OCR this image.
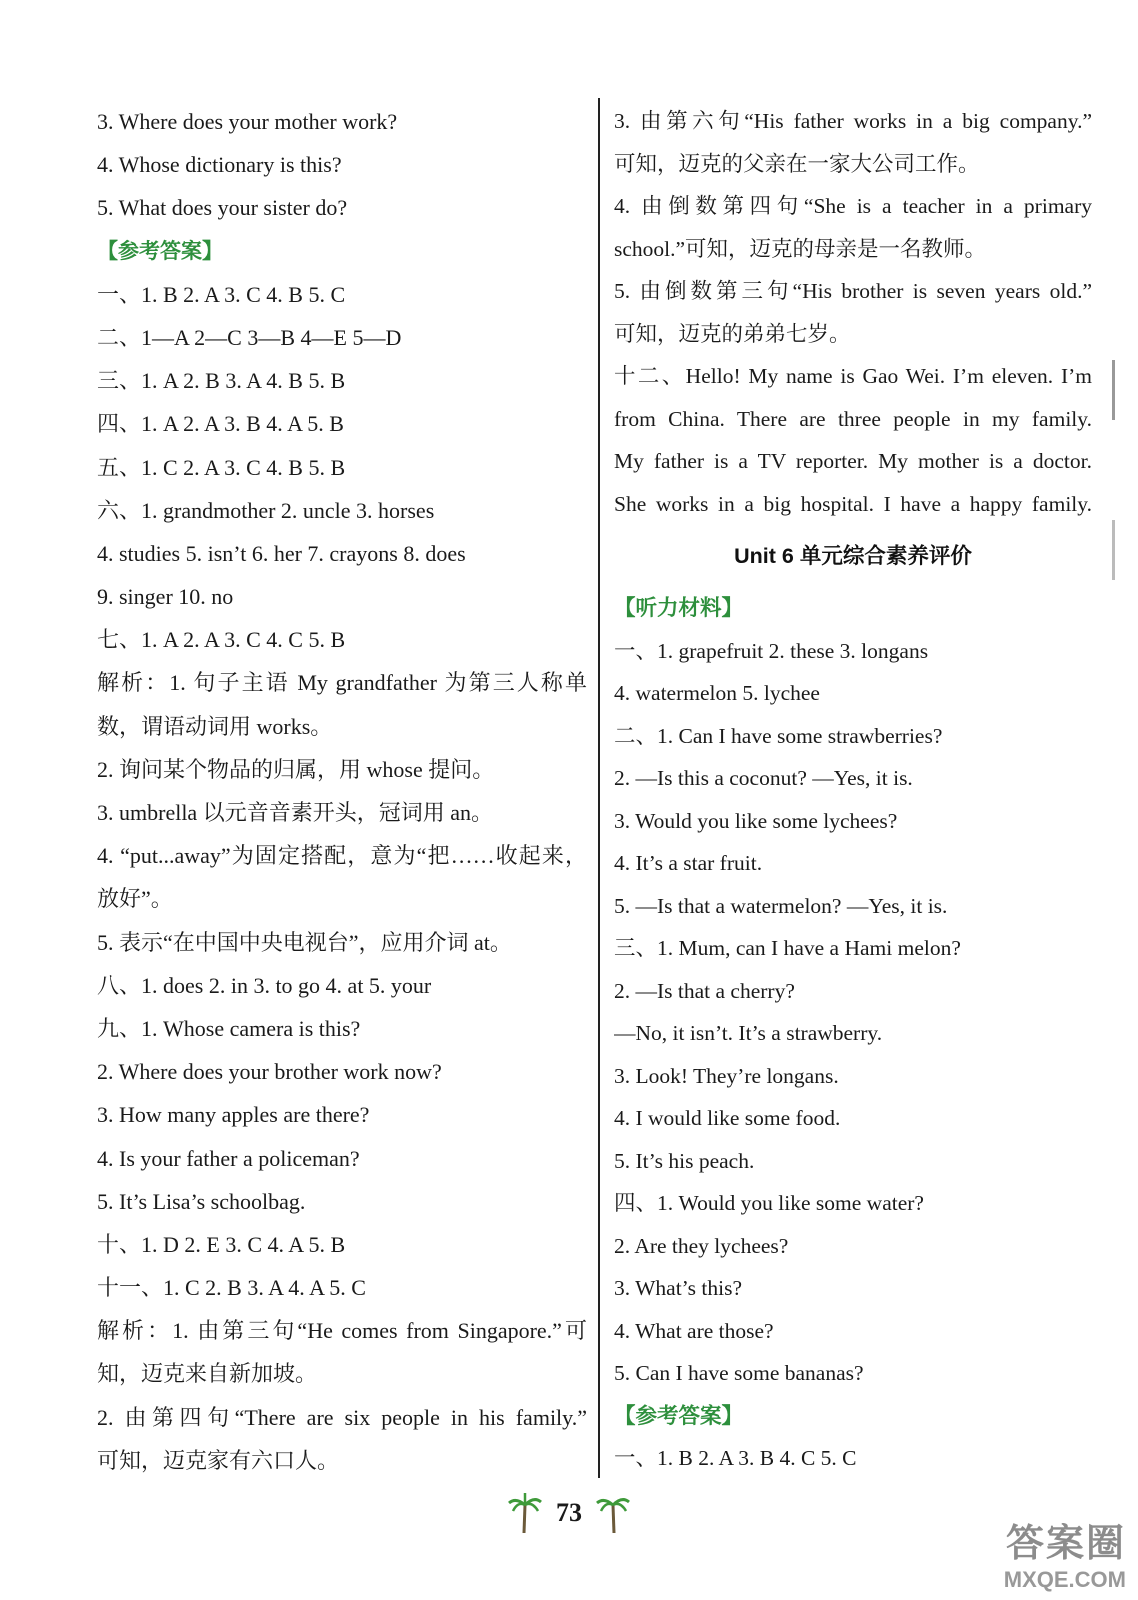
3. Where does your mother work?
4. Whose dictionary is this?
5. What does your sister do?
【参考答案】
一、1. B 2. A 3. C 4. B 5. C
二、1—A 2—C 3—B 4—E 5—D
三、1. A 2. B 3. A 4. B 5. B
四、1. A 2. A 3. B 4. A 5. B
五、1. C 2. A 3. C 4. B 5. B
六、1. grandmother 2. uncle 3. horses
4. studies 5. isn’t 6. her 7. crayons 8. does
9. singer 10. no
七、1. A 2. A 3. C 4. C 5. B
解析：1. 句子主语 My grandfather 为第三人称单
数，谓语动词用 works。
2. 询问某个物品的归属，用 whose 提问。
3. umbrella 以元音音素开头，冠词用 an。
4. “put...away”为固定搭配，意为“把……收起来，
放好”。
5. 表示“在中国中央电视台”，应用介词 at。
八、1. does 2. in 3. to go 4. at 5. your
九、1. Whose camera is this?
2. Where does your brother work now?
3. How many apples are there?
4. Is your father a policeman?
5. It’s Lisa’s schoolbag.
十、1. D 2. E 3. C 4. A 5. B
十一、1. C 2. B 3. A 4. A 5. C
解析：1. 由第三句“He comes from Singapore.”可
知，迈克来自新加坡。
2. 由第四句“There are six people in his family.”
可知，迈克家有六口人。
3. 由第六句“His father works in a big company.”
可知，迈克的父亲在一家大公司工作。
4. 由倒数第四句“She is a teacher in a primary
school.”可知，迈克的母亲是一名教师。
5. 由倒数第三句“His brother is seven years old.”
可知，迈克的弟弟七岁。
十二、Hello! My name is Gao Wei. I’m eleven. I’m
from China. There are three people in my family.
My father is a TV reporter. My mother is a doctor.
She works in a big hospital. I have a happy family.
Unit 6 单元综合素养评价
【听力材料】
一、1. grapefruit 2. these 3. longans
4. watermelon 5. lychee
二、1. Can I have some strawberries?
2. —Is this a coconut? —Yes, it is.
3. Would you like some lychees?
4. It’s a star fruit.
5. —Is that a watermelon? —Yes, it is.
三、1. Mum, can I have a Hami melon?
2. —Is that a cherry?
—No, it isn’t. It’s a strawberry.
3. Look! They’re longans.
4. I would like some food.
5. It’s his peach.
四、1. Would you like some water?
2. Are they lychees?
3. What’s this?
4. What are those?
5. Can I have some bananas?
【参考答案】
一、1. B 2. A 3. B 4. C 5. C
73
答案圈
MXQE.COM
